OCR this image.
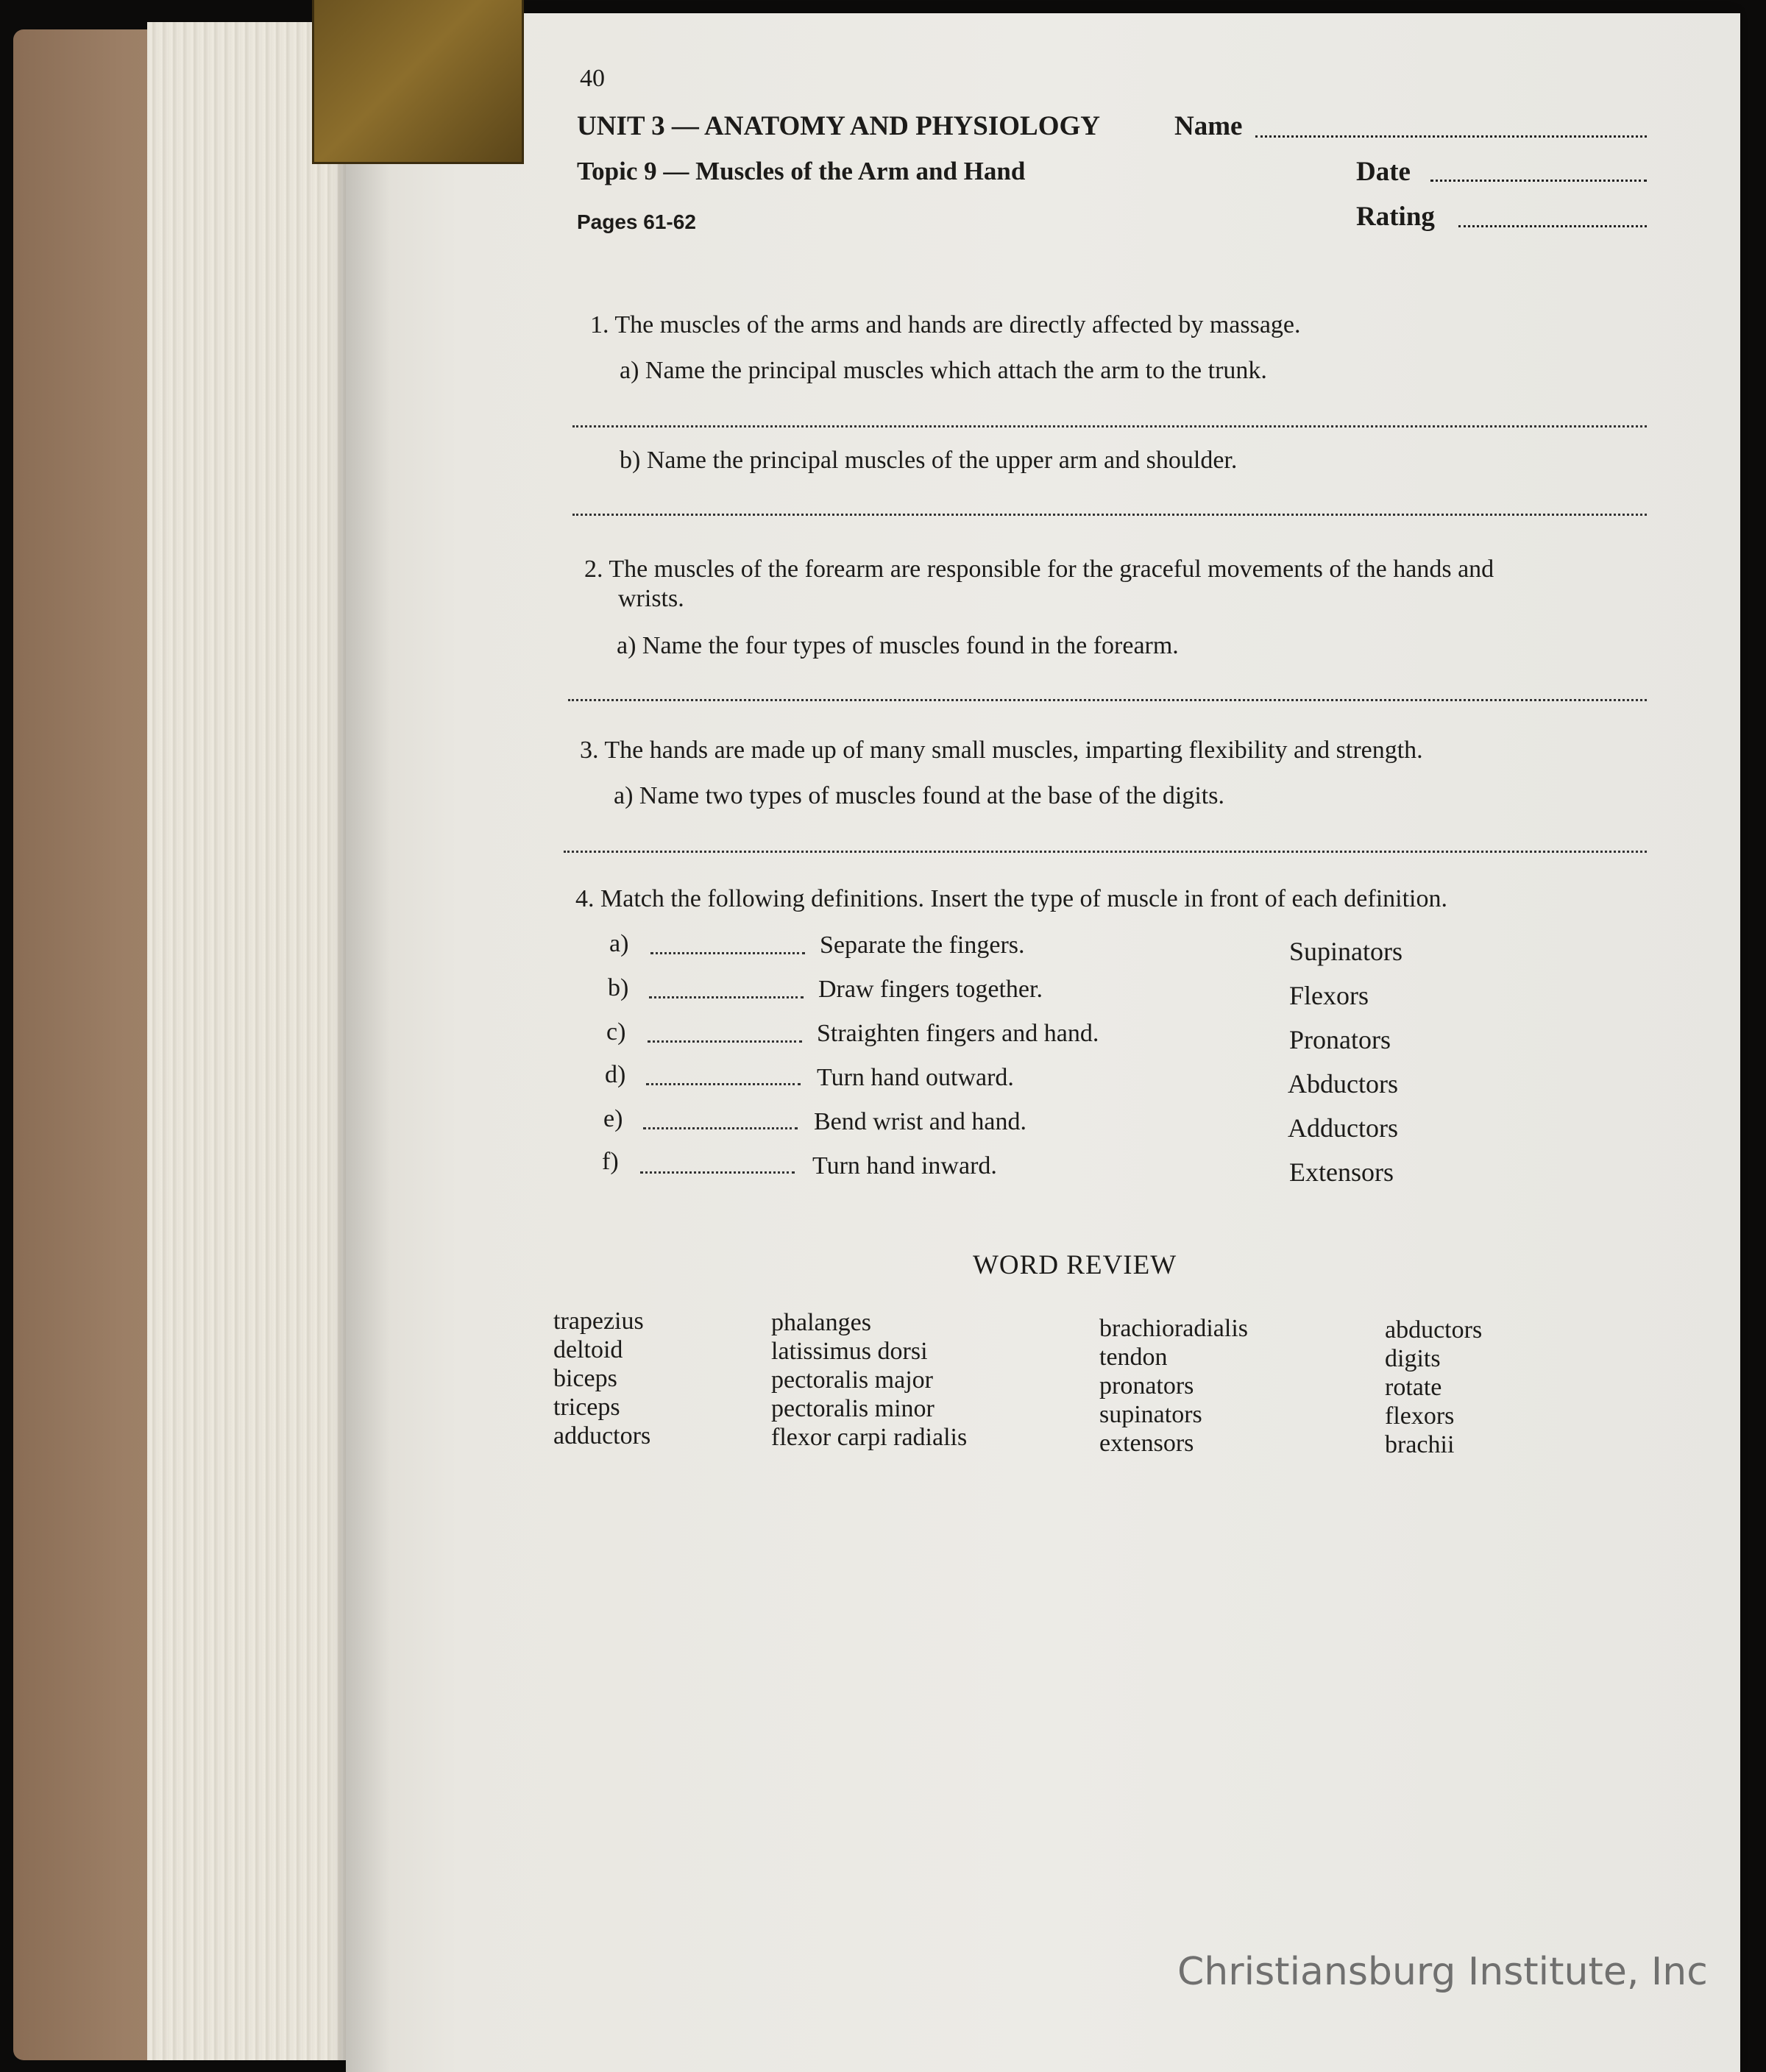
40
UNIT 3 — ANATOMY AND PHYSIOLOGY
Topic 9 — Muscles of the Arm and Hand
Pages 61-62
Name
Date
Rating
1. The muscles of the arms and hands are directly affected by massage.
a) Name the principal muscles which attach the arm to the trunk.
b) Name the principal muscles of the upper arm and shoulder.
2. The muscles of the forearm are responsible for the graceful movements of the hands and
wrists.
a) Name the four types of muscles found in the forearm.
3. The hands are made up of many small muscles, imparting flexibility and strength.
a) Name two types of muscles found at the base of the digits.
4. Match the following definitions. Insert the type of muscle in front of each definition.
a)	Separate the fingers.	Supinators
b)	Draw fingers together.	Flexors
c)	Straighten fingers and hand.	Pronators
d)	Turn hand outward.	Abductors
e)	Bend wrist and hand.	Adductors
f)	Turn hand inward.	Extensors
WORD REVIEW
trapezius
deltoid
biceps
triceps
adductors
phalanges
latissimus dorsi
pectoralis major
pectoralis minor
flexor carpi radialis
brachioradialis
tendon
pronators
supinators
extensors
abductors
digits
rotate
flexors
brachii
Christiansburg Institute, Inc
